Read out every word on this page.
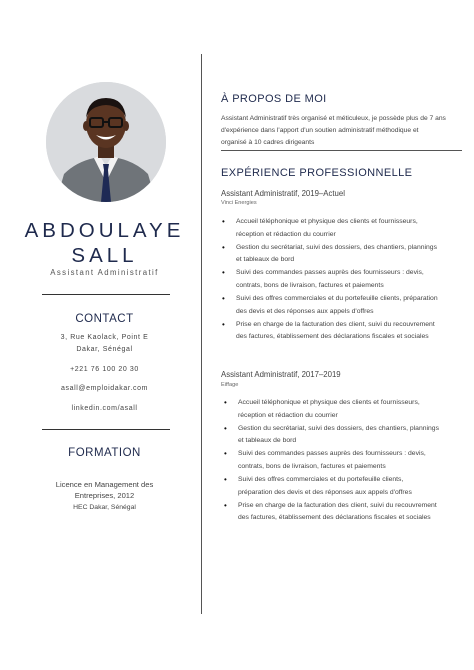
ABDOULAYE
SALL
Assistant Administratif
CONTACT
3, Rue Kaolack, Point E
Dakar, Sénégal
+221 76 100 20 30
asall@emploidakar.com
linkedin.com/asall
FORMATION
Licence en Management des
Entreprises, 2012
HEC Dakar, Sénégal
À PROPOS DE MOI
Assistant Administratif très organisé et méticuleux, je possède plus de 7 ans d'expérience dans l'apport d'un soutien administratif méthodique et organisé à 10 cadres dirigeants
EXPÉRIENCE PROFESSIONNELLE
Assistant Administratif, 2019–Actuel
Vinci Energies
• Accueil téléphonique et physique des clients et fournisseurs,
réception et rédaction du courrier
• Gestion du secrétariat, suivi des dossiers, des chantiers, plannings
et tableaux de bord
• Suivi des commandes passes auprès des fournisseurs : devis,
contrats, bons de livraison, factures et paiements
• Suivi des offres commerciales et du portefeuille clients, préparation
des devis et des réponses aux appels d'offres
• Prise en charge de la facturation des client, suivi du recouvrement
des factures, établissement des déclarations fiscales et sociales
Assistant Administratif, 2017–2019
Eiffage
• Accueil téléphonique et physique des clients et fournisseurs,
réception et rédaction du courrier
• Gestion du secrétariat, suivi des dossiers, des chantiers, plannings
et tableaux de bord
• Suivi des commandes passes auprès des fournisseurs : devis,
contrats, bons de livraison, factures et paiements
• Suivi des offres commerciales et du portefeuille clients,
préparation des devis et des réponses aux appels d'offres
• Prise en charge de la facturation des client, suivi du recouvrement
des factures, établissement des déclarations fiscales et sociales
